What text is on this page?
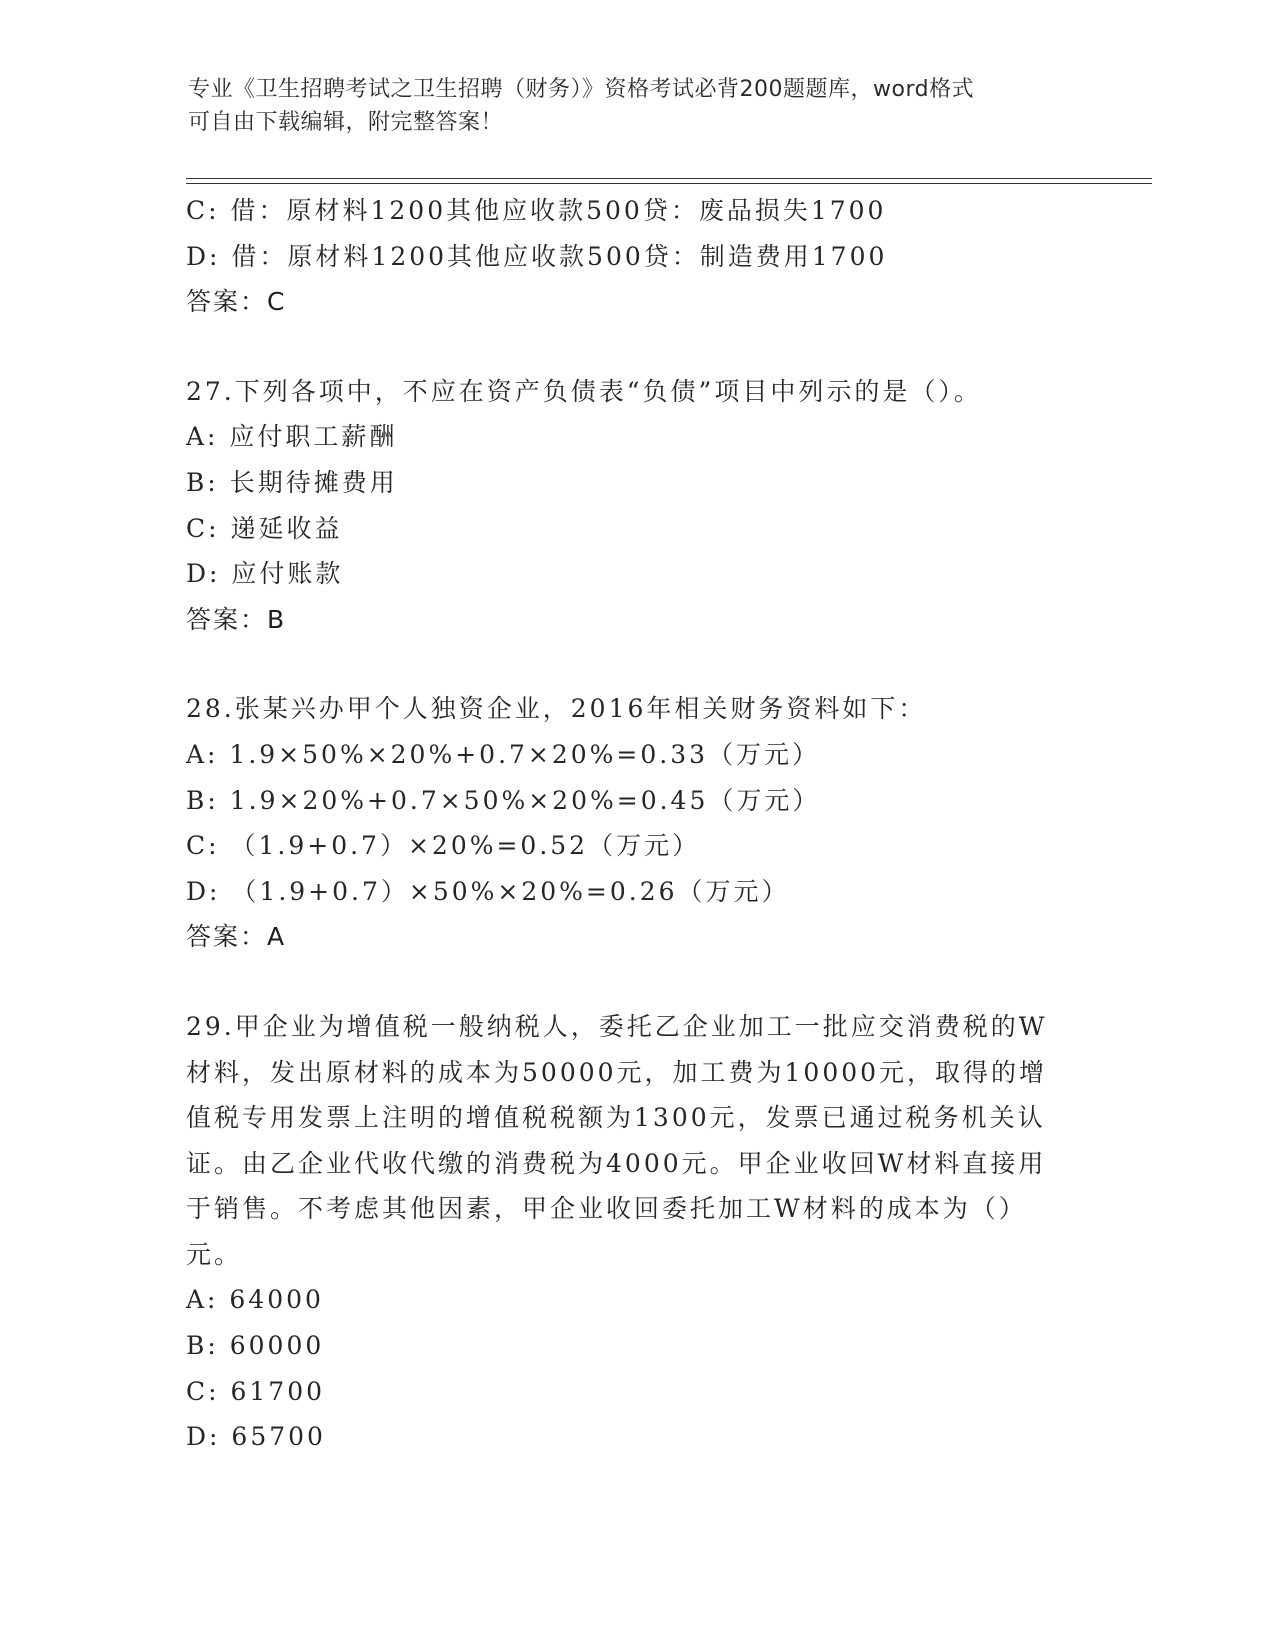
专业《卫生招聘考试之卫生招聘（财务）》资格考试必背200题题库，word格式
可自由下载编辑，附完整答案！
C: 借：原材料1200其他应收款500贷：废品损失1700
D: 借：原材料1200其他应收款500贷：制造费用1700
答案：C
27.下列各项中，不应在资产负债表“负债”项目中列示的是（）。
A: 应付职工薪酬
B: 长期待摊费用
C: 递延收益
D: 应付账款
答案：B
28.张某兴办甲个人独资企业，2016年相关财务资料如下：
A: 1.9×50%×20%+0.7×20%=0.33（万元）
B: 1.9×20%+0.7×50%×20%=0.45（万元）
C: （1.9+0.7）×20%=0.52（万元）
D: （1.9+0.7）×50%×20%=0.26（万元）
答案：A
29.甲企业为增值税一般纳税人，委托乙企业加工一批应交消费税的W
材料，发出原材料的成本为50000元，加工费为10000元，取得的增
值税专用发票上注明的增值税税额为1300元，发票已通过税务机关认
证。由乙企业代收代缴的消费税为4000元。甲企业收回W材料直接用
于销售。不考虑其他因素，甲企业收回委托加工W材料的成本为（）
元。
A: 64000
B: 60000
C: 61700
D: 65700
